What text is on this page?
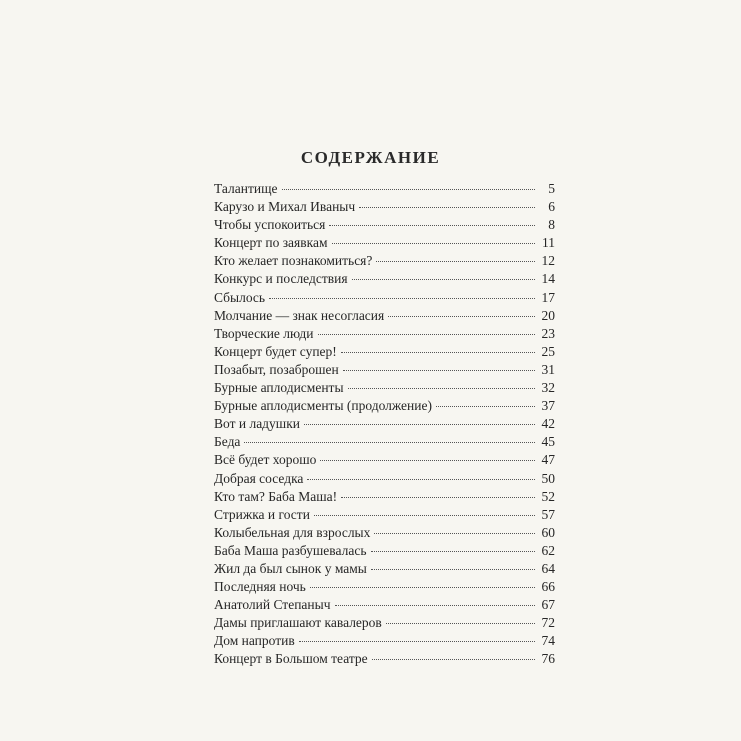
СОДЕРЖАНИЕ
Талантище	5
Карузо и Михал Иваныч	6
Чтобы успокоиться	8
Концерт по заявкам	11
Кто желает познакомиться?	12
Конкурс и последствия	14
Сбылось	17
Молчание — знак несогласия	20
Творческие люди	23
Концерт будет супер!	25
Позабыт, позаброшен	31
Бурные аплодисменты	32
Бурные аплодисменты (продолжение)	37
Вот и ладушки	42
Беда	45
Всё будет хорошо	47
Добрая соседка	50
Кто там? Баба Маша!	52
Стрижка и гости	57
Колыбельная для взрослых	60
Баба Маша разбушевалась	62
Жил да был сынок у мамы	64
Последняя ночь	66
Анатолий Степаныч	67
Дамы приглашают кавалеров	72
Дом напротив	74
Концерт в Большом театре	76
